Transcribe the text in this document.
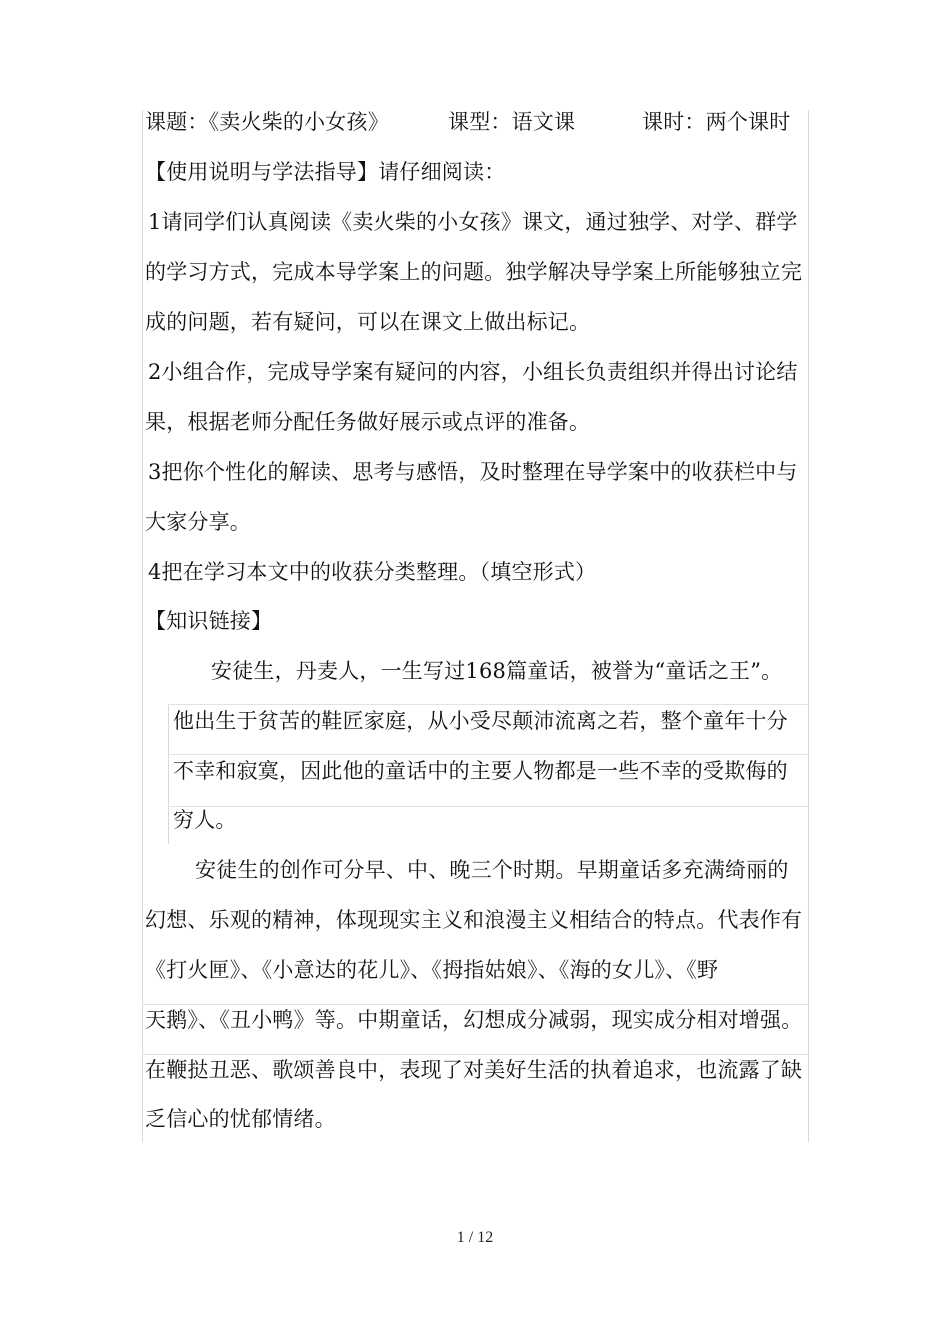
课题：《卖火柴的小女孩》	课型：语文课	课时：两个课时
【使用说明与学法指导】请仔细阅读：
1请同学们认真阅读《卖火柴的小女孩》课文，通过独学、对学、群学
的学习方式，完成本导学案上的问题。独学解决导学案上所能够独立完
成的问题，若有疑问，可以在课文上做出标记。
2小组合作，完成导学案有疑问的内容，小组长负责组织并得出讨论结
果，根据老师分配任务做好展示或点评的准备。
3把你个性化的解读、思考与感悟，及时整理在导学案中的收获栏中与
大家分享。
4把在学习本文中的收获分类整理。（填空形式）
【知识链接】
安徒生，丹麦人，一生写过168篇童话，被誉为“童话之王”。
他出生于贫苦的鞋匠家庭，从小受尽颠沛流离之若，整个童年十分
不幸和寂寞，因此他的童话中的主要人物都是一些不幸的受欺侮的
穷人。
安徒生的创作可分早、中、晚三个时期。早期童话多充满绮丽的
幻想、乐观的精神，体现现实主义和浪漫主义相结合的特点。代表作有
《打火匣》、《小意达的花儿》、《拇指姑娘》、《海的女儿》、《野
天鹅》、《丑小鸭》等。中期童话，幻想成分减弱，现实成分相对增强。
在鞭挞丑恶、歌颂善良中，表现了对美好生活的执着追求，也流露了缺
乏信心的忧郁情绪。
1 / 12
